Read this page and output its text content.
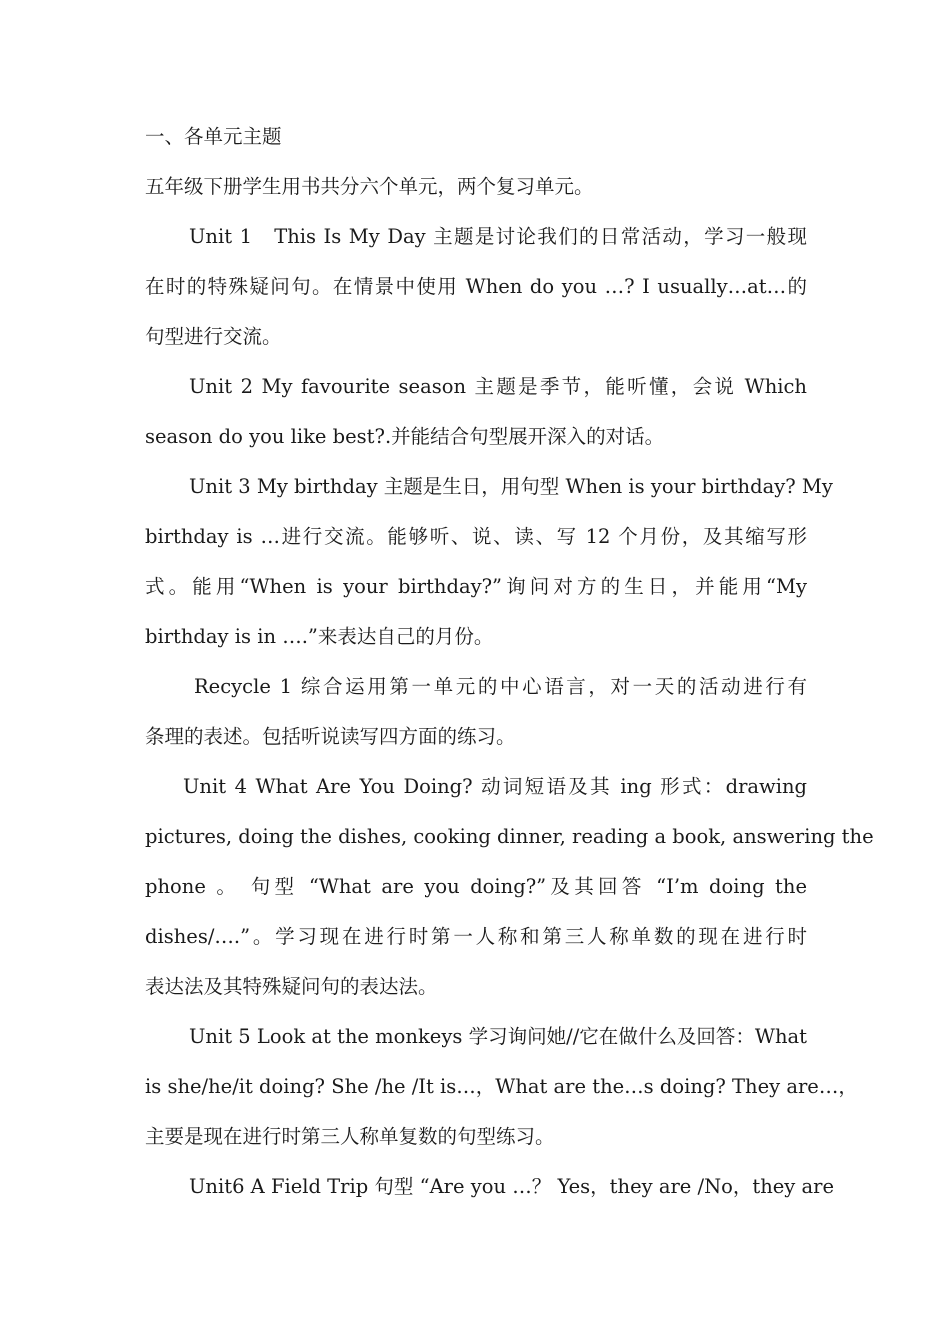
一、各单元主题
五年级下册学生用书共分六个单元，两个复习单元。
Unit 1　This Is My Day 主题是讨论我们的日常活动，学习一般现
在时的特殊疑问句。在情景中使用 When do you …? I usually…at…的
句型进行交流。
Unit 2 My favourite season 主题是季节，能听懂，会说 Which
season do you like best?.并能结合句型展开深入的对话。
Unit 3 My birthday 主题是生日，用句型 When is your birthday? My
birthday is …进行交流。能够听、说、读、写 12 个月份，及其缩写形
式。能用“When is your birthday?”询问对方的生日，并能用“My
birthday is in ….”来表达自己的月份。
Recycle 1 综合运用第一单元的中心语言，对一天的活动进行有
条理的表述。包括听说读写四方面的练习。
Unit 4 What Are You Doing? 动词短语及其 ing 形式：drawing
pictures, doing the dishes, cooking dinner, reading a book, answering the
phone 。 句型 “What are you doing?”及其回答 “I’m doing the
dishes/….”。学习现在进行时第一人称和第三人称单数的现在进行时
表达法及其特殊疑问句的表达法。
Unit 5 Look at the monkeys 学习询问她//它在做什么及回答：What
is she/he/it doing? She /he /It is…，What are the…s doing? They are…，
主要是现在进行时第三人称单复数的句型练习。
Unit6 A Field Trip 句型 “Are you …？ Yes，they are /No，they are
